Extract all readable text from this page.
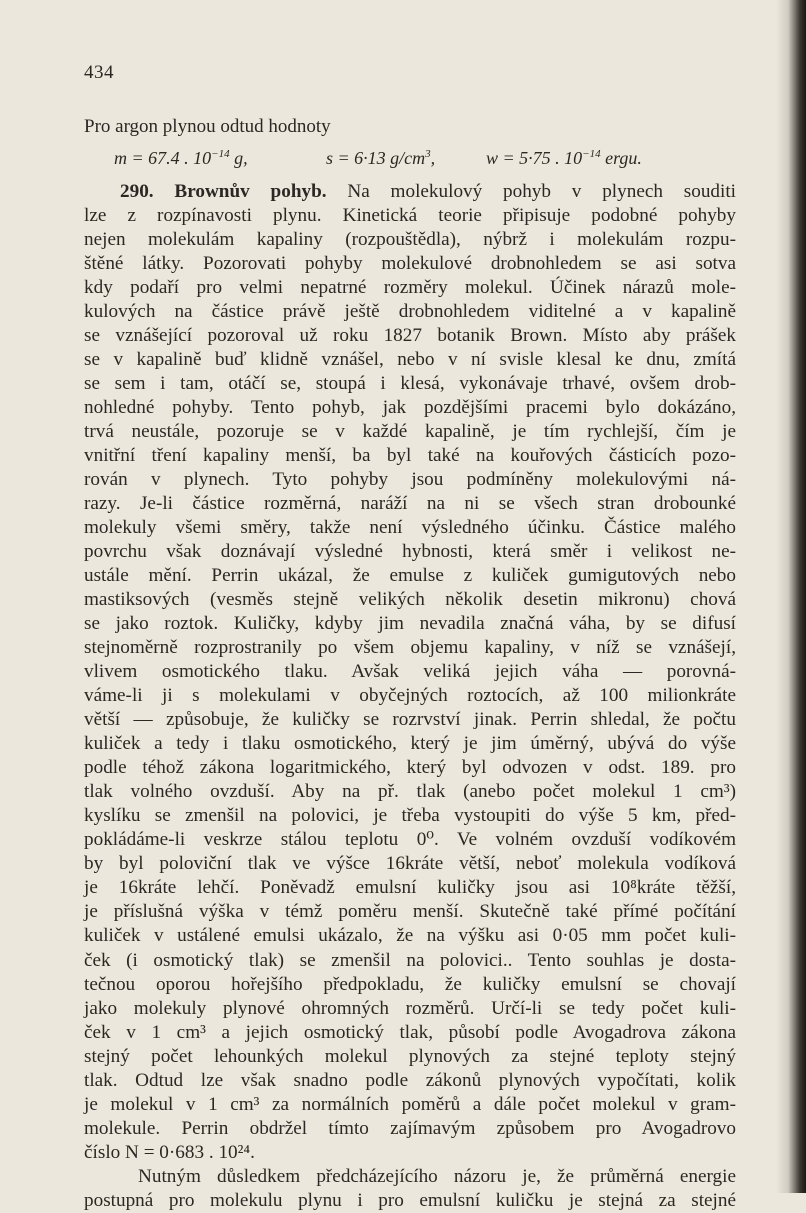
434
Pro argon plynou odtud hodnoty
m = 67.4 . $10^{-14}$ g,	s = 6·13 $g/cm^3$,	w = 5·75 . $10^{-14}$ ergu.
290. Brownův pohyb. Na molekulový pohyb v plynech souditi
lze z rozpínavosti plynu. Kinetická teorie připisuje podobné pohyby
nejen molekulám kapaliny (rozpouštědla), nýbrž i molekulám rozpu-
štěné látky. Pozorovati pohyby molekulové drobnohledem se asi sotva
kdy podaří pro velmi nepatrné rozměry molekul. Účinek nárazů mole-
kulových na částice právě ještě drobnohledem viditelné a v kapalině
se vznášející pozoroval už roku 1827 botanik Brown. Místo aby prášek
se v kapalině buď klidně vznášel, nebo v ní svisle klesal ke dnu, zmítá
se sem i tam, otáčí se, stoupá i klesá, vykonávaje trhavé, ovšem drob-
nohledné pohyby. Tento pohyb, jak pozdějšími pracemi bylo dokázáno,
trvá neustále, pozoruje se v každé kapalině, je tím rychlejší, čím je
vnitřní tření kapaliny menší, ba byl také na kouřových částicích pozo-
rován v plynech. Tyto pohyby jsou podmíněny molekulovými ná-
razy. Je-li částice rozměrná, naráží na ni se všech stran drobounké
molekuly všemi směry, takže není výsledného účinku. Částice malého
povrchu však doznávají výsledné hybnosti, která směr i velikost ne-
ustále mění. Perrin ukázal, že emulse z kuliček gumigutových nebo
mastiksových (vesměs stejně velikých několik desetin mikronu) chová
se jako roztok. Kuličky, kdyby jim nevadila značná váha, by se difusí
stejnoměrně rozprostranily po všem objemu kapaliny, v níž se vznášejí,
vlivem osmotického tlaku. Avšak veliká jejich váha — porovná-
váme-li ji s molekulami v obyčejných roztocích, až 100 milionkráte
větší — způsobuje, že kuličky se rozrvství jinak. Perrin shledal, že počtu
kuliček a tedy i tlaku osmotického, který je jim úměrný, ubývá do výše
podle téhož zákona logaritmického, který byl odvozen v odst. 189. pro
tlak volného ovzduší. Aby na př. tlak (anebo počet molekul 1 cm³)
kyslíku se zmenšil na polovici, je třeba vystoupiti do výše 5 km, před-
pokládáme-li veskrze stálou teplotu 0⁰. Ve volném ovzduší vodíkovém
by byl poloviční tlak ve výšce 16kráte větší, neboť molekula vodíková
je 16kráte lehčí. Poněvadž emulsní kuličky jsou asi 10⁸kráte těžší,
je příslušná výška v témž poměru menší. Skutečně také přímé počítání
kuliček v ustálené emulsi ukázalo, že na výšku asi 0·05 mm počet kuli-
ček (i osmotický tlak) se zmenšil na polovici.. Tento souhlas je dosta-
tečnou oporou hořejšího předpokladu, že kuličky emulsní se chovají
jako molekuly plynové ohromných rozměrů. Určí-li se tedy počet kuli-
ček v 1 cm³ a jejich osmotický tlak, působí podle Avogadrova zákona
stejný počet lehounkých molekul plynových za stejné teploty stejný
tlak. Odtud lze však snadno podle zákonů plynových vypočítati, kolik
je molekul v 1 cm³ za normálních poměrů a dále počet molekul v gram-
molekule. Perrin obdržel tímto zajímavým způsobem pro Avogadrovo
číslo N = 0·683 . 10²⁴.
Nutným důsledkem předcházejícího názoru je, že průměrná energie
postupná pro molekulu plynu i pro emulsní kuličku je stejná za stejné
